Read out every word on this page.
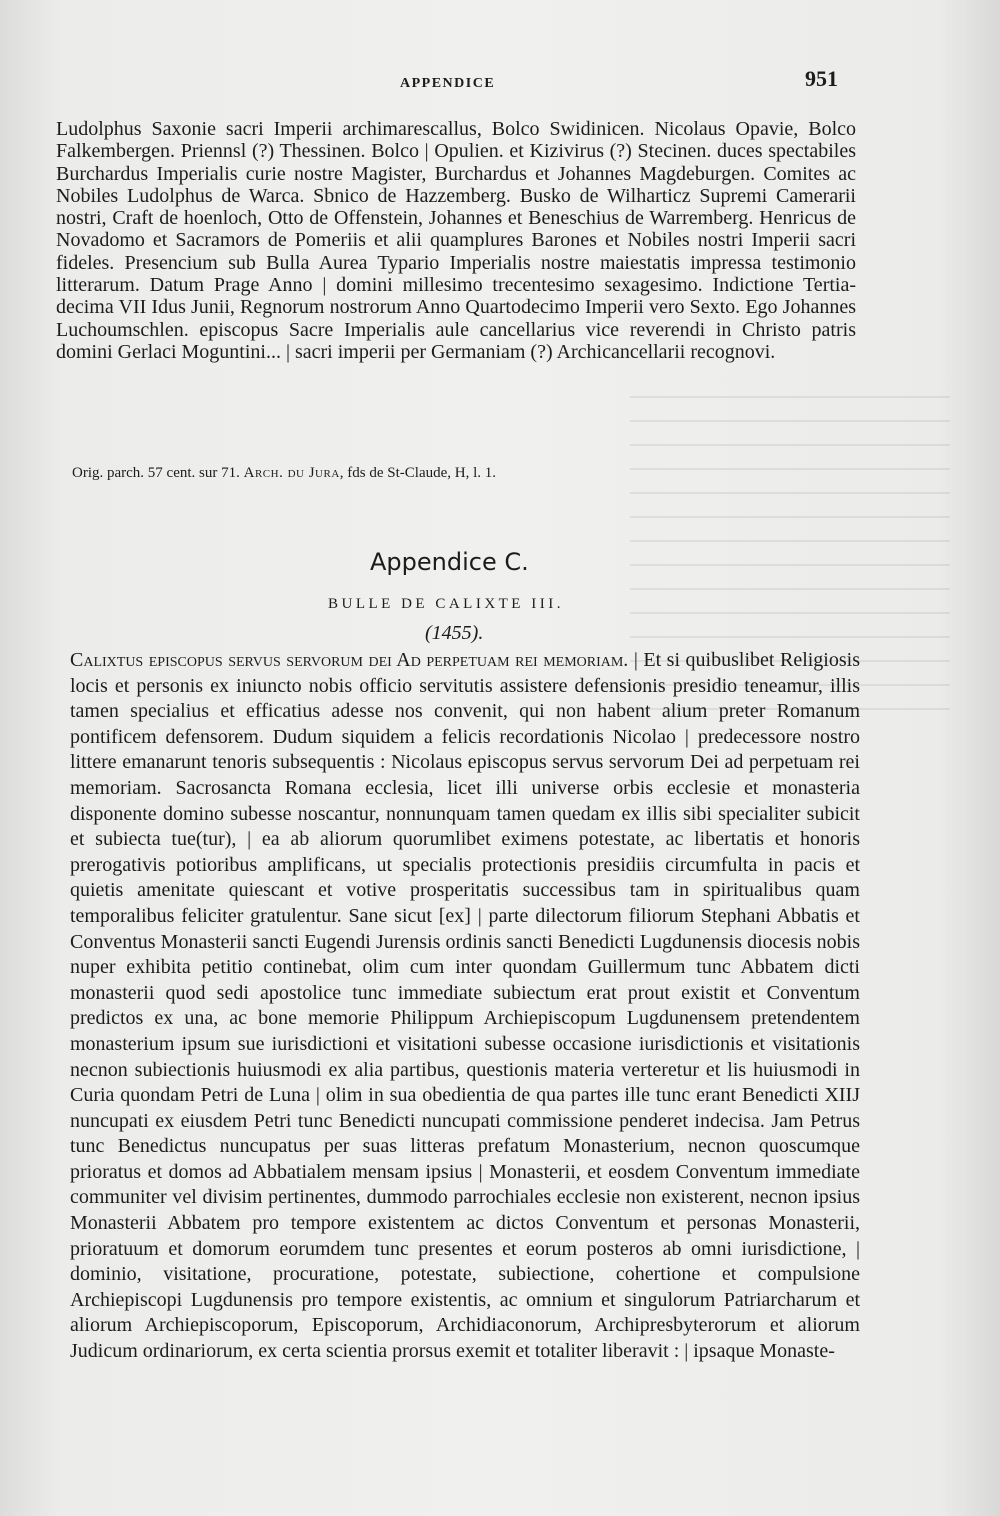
APPENDICE	951

Ludolphus Saxonie sacri Imperii archimarescallus, Bolco Swidinicen. Nicolaus Opavie, Bolco Falkembergen. Priennsl (?) Thessinen. Bolco | Opulien. et Kizivirus (?) Stecinen. duces spectabiles Burchardus Imperialis curie nostre Magister, Burchardus et Johannes Magdeburgen. Comites ac Nobiles Ludolphus de Warca. Sbnico de Hazzemberg. Busko de Wilharticz Supremi Camerarii nostri, Craft de hoenloch, Otto de Offenstein, Johannes et Beneschius de Warremberg. Henricus de Novadomo et Sacramors de Pomeriis et alii quamplures Barones et Nobiles nostri Imperii sacri fideles. Presencium sub Bulla Aurea Typario Imperialis nostre maiestatis impressa testimonio litterarum. Datum Prage Anno | domini millesimo trecentesimo sexagesimo. Indictione Tertia-decima VII Idus Junii, Regnorum nostrorum Anno Quartodecimo Imperii vero Sexto. Ego Johannes Luchoumschlen. episcopus Sacre Imperialis aule cancellarius vice reverendi in Christo patris domini Gerlaci Moguntini... | sacri imperii per Germaniam (?) Archicancellarii recognovi.

Orig. parch. 57 cent. sur 71. Arch. du Jura, fds de St-Claude, H, l. 1.
Appendice C.
BULLE DE CALIXTE III.
(1455).
Calixtus episcopus servus servorum dei Ad perpetuam rei memoriam. | Et si quibuslibet Religiosis locis et personis ex iniuncto nobis officio servitutis assistere defensionis presidio teneamur, illis tamen specialius et efficatius adesse nos convenit, qui non habent alium preter Romanum pontificem defensorem. Dudum siquidem a felicis recordationis Nicolao | predecessore nostro littere emanarunt tenoris subsequentis : Nicolaus episcopus servus servorum Dei ad perpetuam rei memoriam. Sacrosancta Romana ecclesia, licet illi universe orbis ecclesie et monasteria disponente domino subesse noscantur, nonnunquam tamen quedam ex illis sibi specialiter subicit et subiecta tue(tur), | ea ab aliorum quorumlibet eximens potestate, ac libertatis et honoris prerogativis potioribus amplificans, ut specialis protectionis presidiis circumfulta in pacis et quietis amenitate quiescant et votive prosperitatis successibus tam in spiritualibus quam temporalibus feliciter gratulentur. Sane sicut [ex] | parte dilectorum filiorum Stephani Abbatis et Conventus Monasterii sancti Eugendi Jurensis ordinis sancti Benedicti Lugdunensis diocesis nobis nuper exhibita petitio continebat, olim cum inter quondam Guillermum tunc Abbatem dicti monasterii quod sedi apostolice tunc immediate subiectum erat prout existit et Conventum predictos ex una, ac bone memorie Philippum Archiepiscopum Lugdunensem pretendentem monasterium ipsum sue iurisdictioni et visitationi subesse occasione iurisdictionis et visitationis necnon subiectionis huiusmodi ex alia partibus, questionis materia verteretur et lis huiusmodi in Curia quondam Petri de Luna | olim in sua obedientia de qua partes ille tunc erant Benedicti XIIJ nuncupati ex eiusdem Petri tunc Benedicti nuncupati commissione penderet indecisa. Jam Petrus tunc Benedictus nuncupatus per suas litteras prefatum Monasterium, necnon quoscumque prioratus et domos ad Abbatialem mensam ipsius | Monasterii, et eosdem Conventum immediate communiter vel divisim pertinentes, dummodo parrochiales ecclesie non existerent, necnon ipsius Monasterii Abbatem pro tempore existentem ac dictos Conventum et personas Monasterii, prioratuum et domorum eorumdem tunc presentes et eorum posteros ab omni iurisdictione, | dominio, visitatione, procuratione, potestate, subiectione, cohertione et compulsione Archiepiscopi Lugdunensis pro tempore existentis, ac omnium et singulorum Patriarcharum et aliorum Archiepiscoporum, Episcoporum, Archidiaconorum, Archipresbyterorum et aliorum Judicum ordinariorum, ex certa scientia prorsus exemit et totaliter liberavit : | ipsaque Monaste-
